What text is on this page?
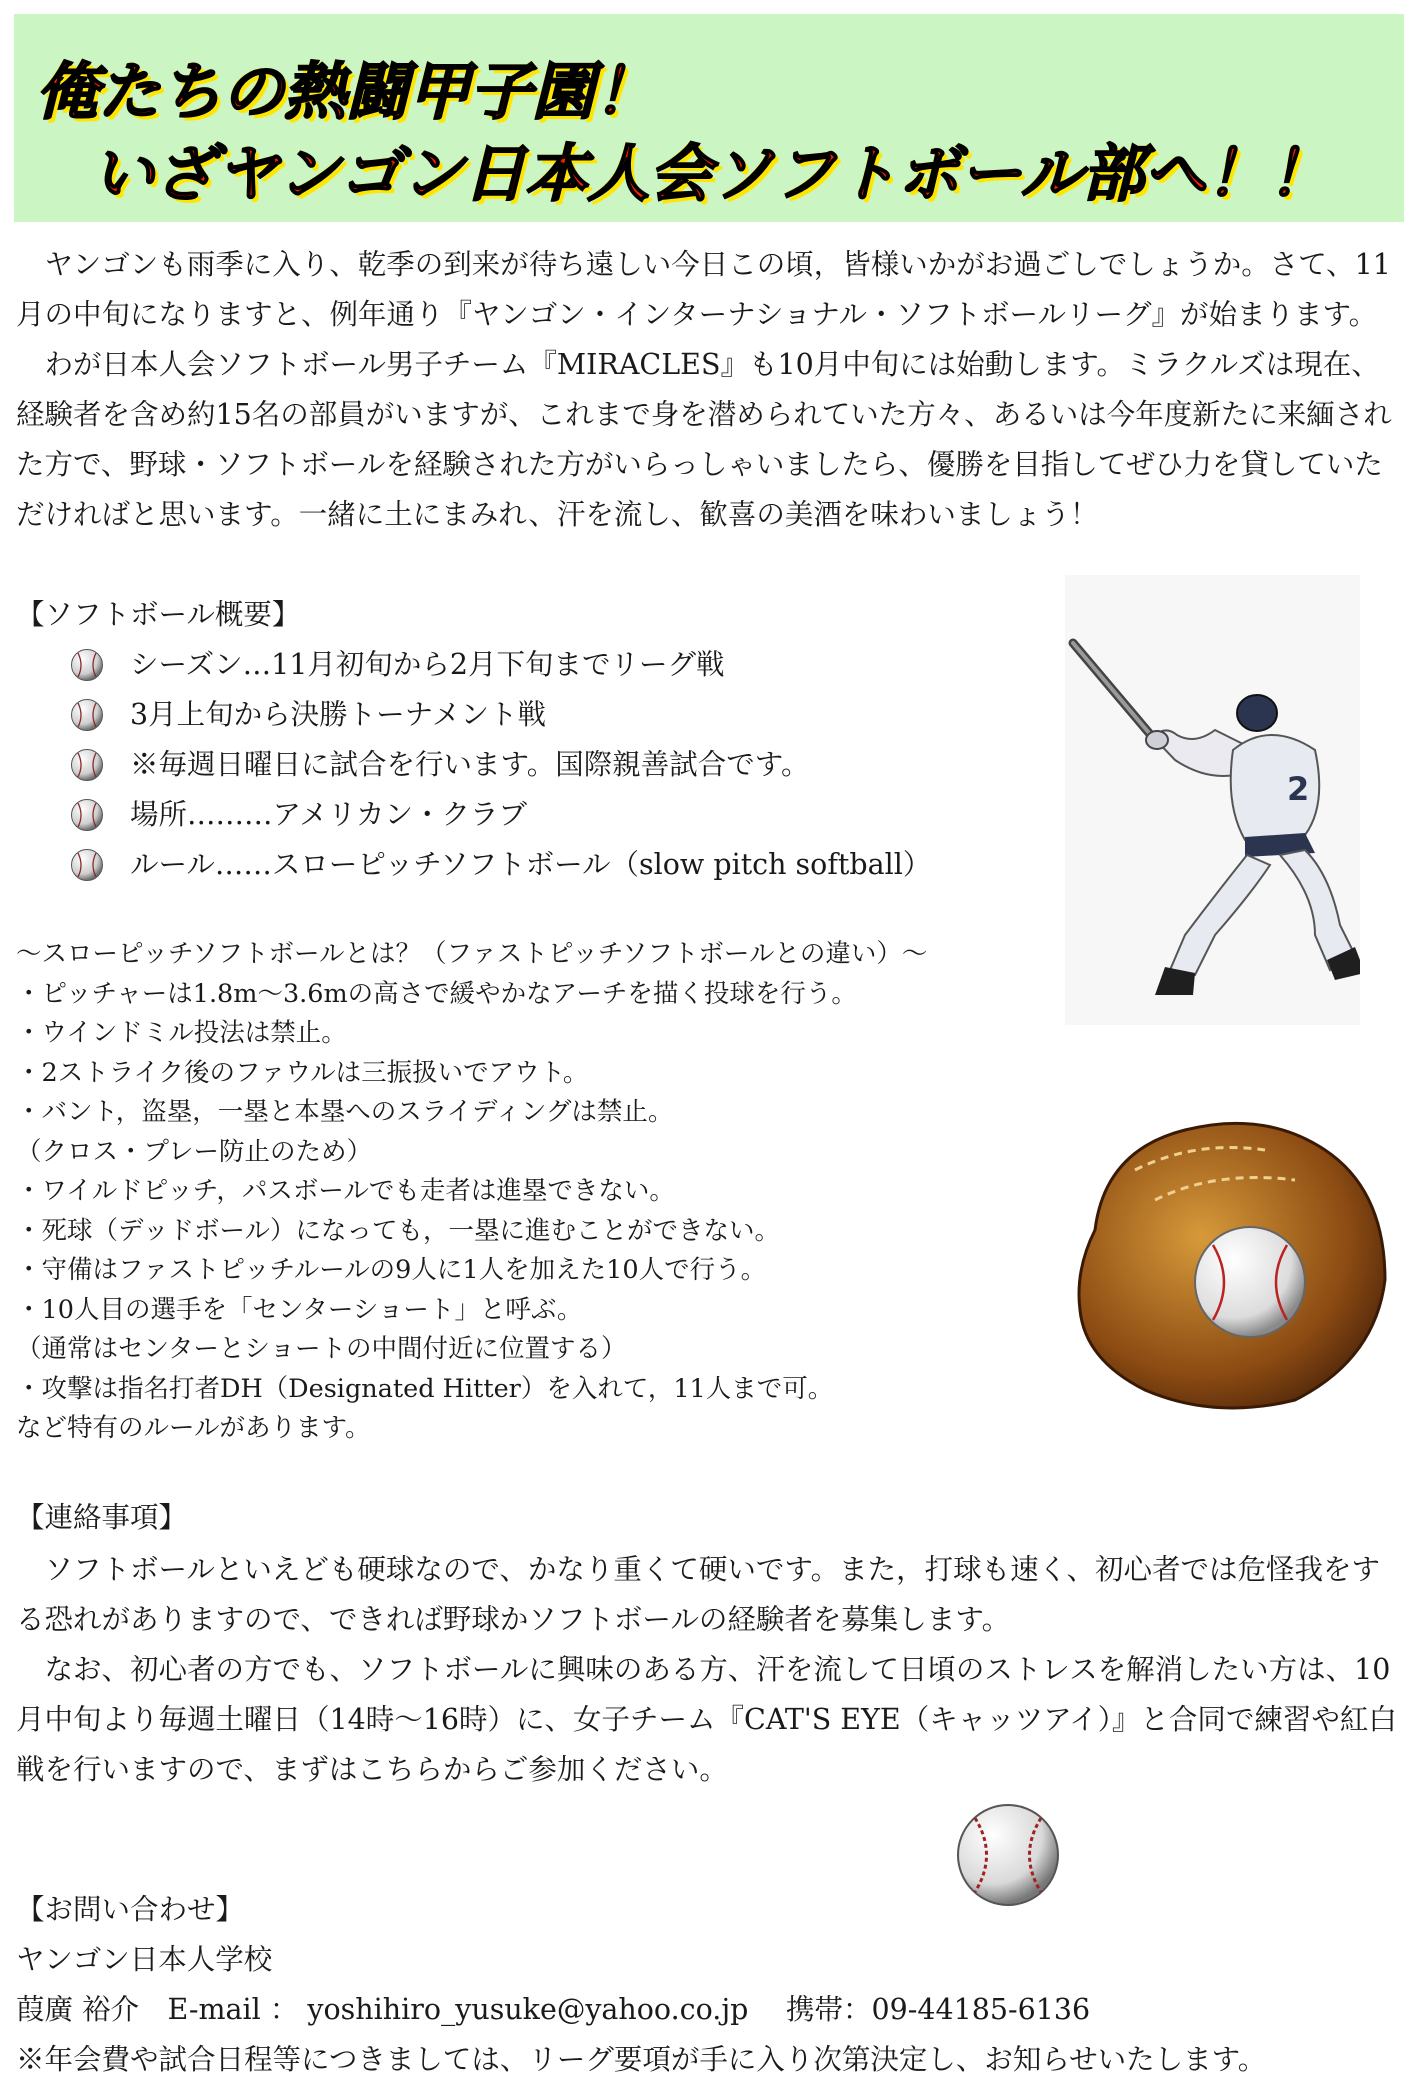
俺たちの熱闘甲子園！
いざヤンゴン日本人会ソフトボール部へ！！

ヤンゴンも雨季に入り、乾季の到来が待ち遠しい今日この頃，皆様いかがお過ごしでしょうか。さて、11月の中旬になりますと、例年通り『ヤンゴン・インターナショナル・ソフトボールリーグ』が始まります。

わが日本人会ソフトボール男子チーム『MIRACLES』も10月中旬には始動します。ミラクルズは現在、経験者を含め約15名の部員がいますが、これまで身を潜められていた方々、あるいは今年度新たに来緬された方で、野球・ソフトボールを経験された方がいらっしゃいましたら、優勝を目指してぜひ力を貸していただければと思います。一緒に土にまみれ、汗を流し、歓喜の美酒を味わいましょう！

【ソフトボール概要】
シーズン…11月初旬から2月下旬までリーグ戦
3月上旬から決勝トーナメント戦
※毎週日曜日に試合を行います。国際親善試合です。
場所………アメリカン・クラブ
ルール……スローピッチソフトボール（slow pitch softball）
～スローピッチソフトボールとは？（ファストピッチソフトボールとの違い）～
・ピッチャーは1.8m～3.6mの高さで緩やかなアーチを描く投球を行う。
・ウインドミル投法は禁止。
・2ストライク後のファウルは三振扱いでアウト。
・バント，盗塁，一塁と本塁へのスライディングは禁止。
（クロス・プレー防止のため）
・ワイルドピッチ，パスボールでも走者は進塁できない。
・死球（デッドボール）になっても，一塁に進むことができない。
・守備はファストピッチルールの9人に1人を加えた10人で行う。
・10人目の選手を「センターショート」と呼ぶ。
（通常はセンターとショートの中間付近に位置する）
・攻撃は指名打者DH（Designated Hitter）を入れて，11人まで可。
など特有のルールがあります。
【連絡事項】

ソフトボールといえども硬球なので、かなり重くて硬いです。また，打球も速く、初心者では危怪我をする恐れがありますので、できれば野球かソフトボールの経験者を募集します。

なお、初心者の方でも、ソフトボールに興味のある方、汗を流して日頃のストレスを解消したい方は、10月中旬より毎週土曜日（14時～16時）に、女子チーム『CAT'S EYE（キャッツアイ）』と合同で練習や紅白戦を行いますので、まずはこちらからご参加ください。

【お問い合わせ】
ヤンゴン日本人学校
葭廣 裕介　E-mail ： yoshihiro_yusuke@yahoo.co.jp　 携帯：09-44185-6136
※年会費や試合日程等につきましては、リーグ要項が手に入り次第決定し、お知らせいたします。
2
